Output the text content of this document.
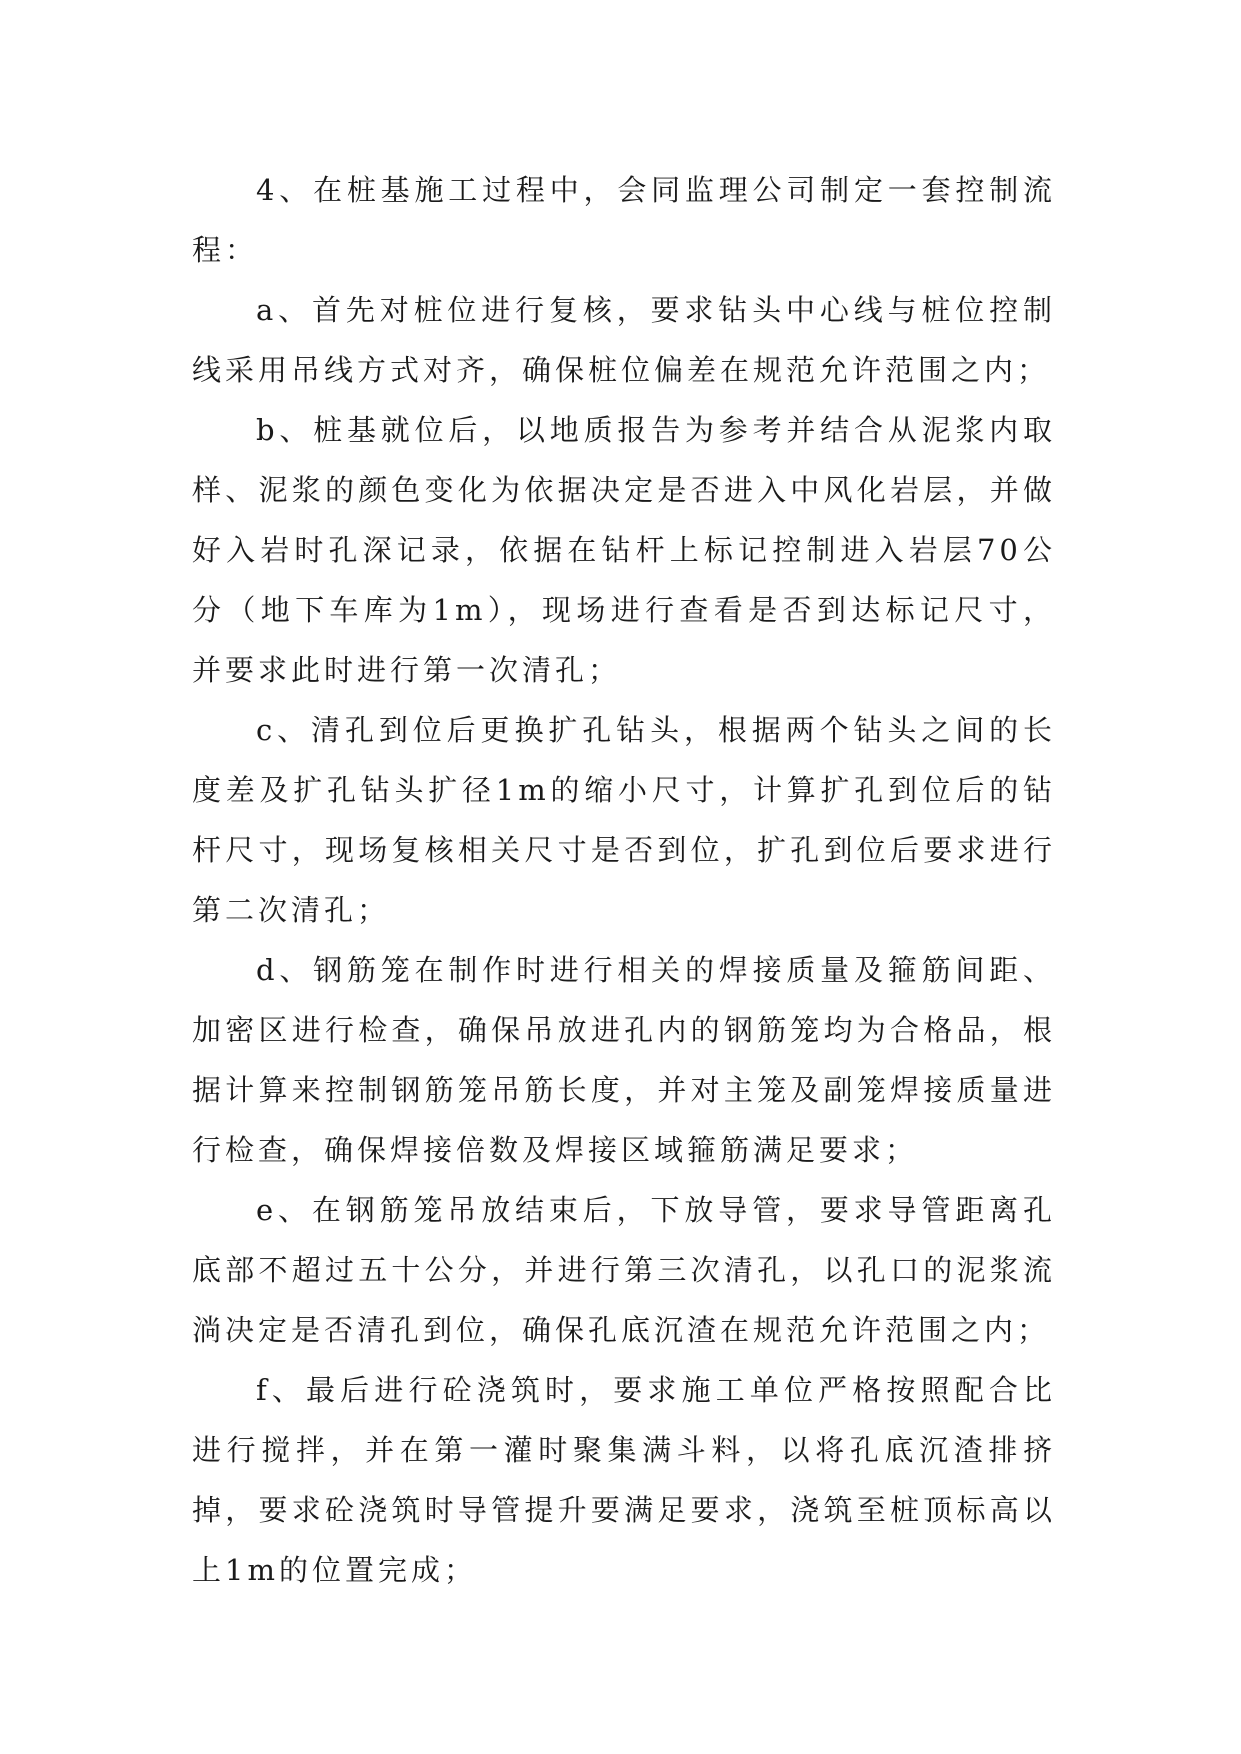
4、在桩基施工过程中，会同监理公司制定一套控制流程：

a、首先对桩位进行复核，要求钻头中心线与桩位控制线采用吊线方式对齐，确保桩位偏差在规范允许范围之内；

b、桩基就位后，以地质报告为参考并结合从泥浆内取样、泥浆的颜色变化为依据决定是否进入中风化岩层，并做好入岩时孔深记录，依据在钻杆上标记控制进入岩层70公分（地下车库为1m），现场进行查看是否到达标记尺寸，并要求此时进行第一次清孔；

c、清孔到位后更换扩孔钻头，根据两个钻头之间的长度差及扩孔钻头扩径1m的缩小尺寸，计算扩孔到位后的钻杆尺寸，现场复核相关尺寸是否到位，扩孔到位后要求进行第二次清孔；

d、钢筋笼在制作时进行相关的焊接质量及箍筋间距、加密区进行检查，确保吊放进孔内的钢筋笼均为合格品，根据计算来控制钢筋笼吊筋长度，并对主笼及副笼焊接质量进行检查，确保焊接倍数及焊接区域箍筋满足要求；

e、在钢筋笼吊放结束后，下放导管，要求导管距离孔底部不超过五十公分，并进行第三次清孔，以孔口的泥浆流淌决定是否清孔到位，确保孔底沉渣在规范允许范围之内；

f、最后进行砼浇筑时，要求施工单位严格按照配合比进行搅拌，并在第一灌时聚集满斗料，以将孔底沉渣排挤掉，要求砼浇筑时导管提升要满足要求，浇筑至桩顶标高以上1m的位置完成；
